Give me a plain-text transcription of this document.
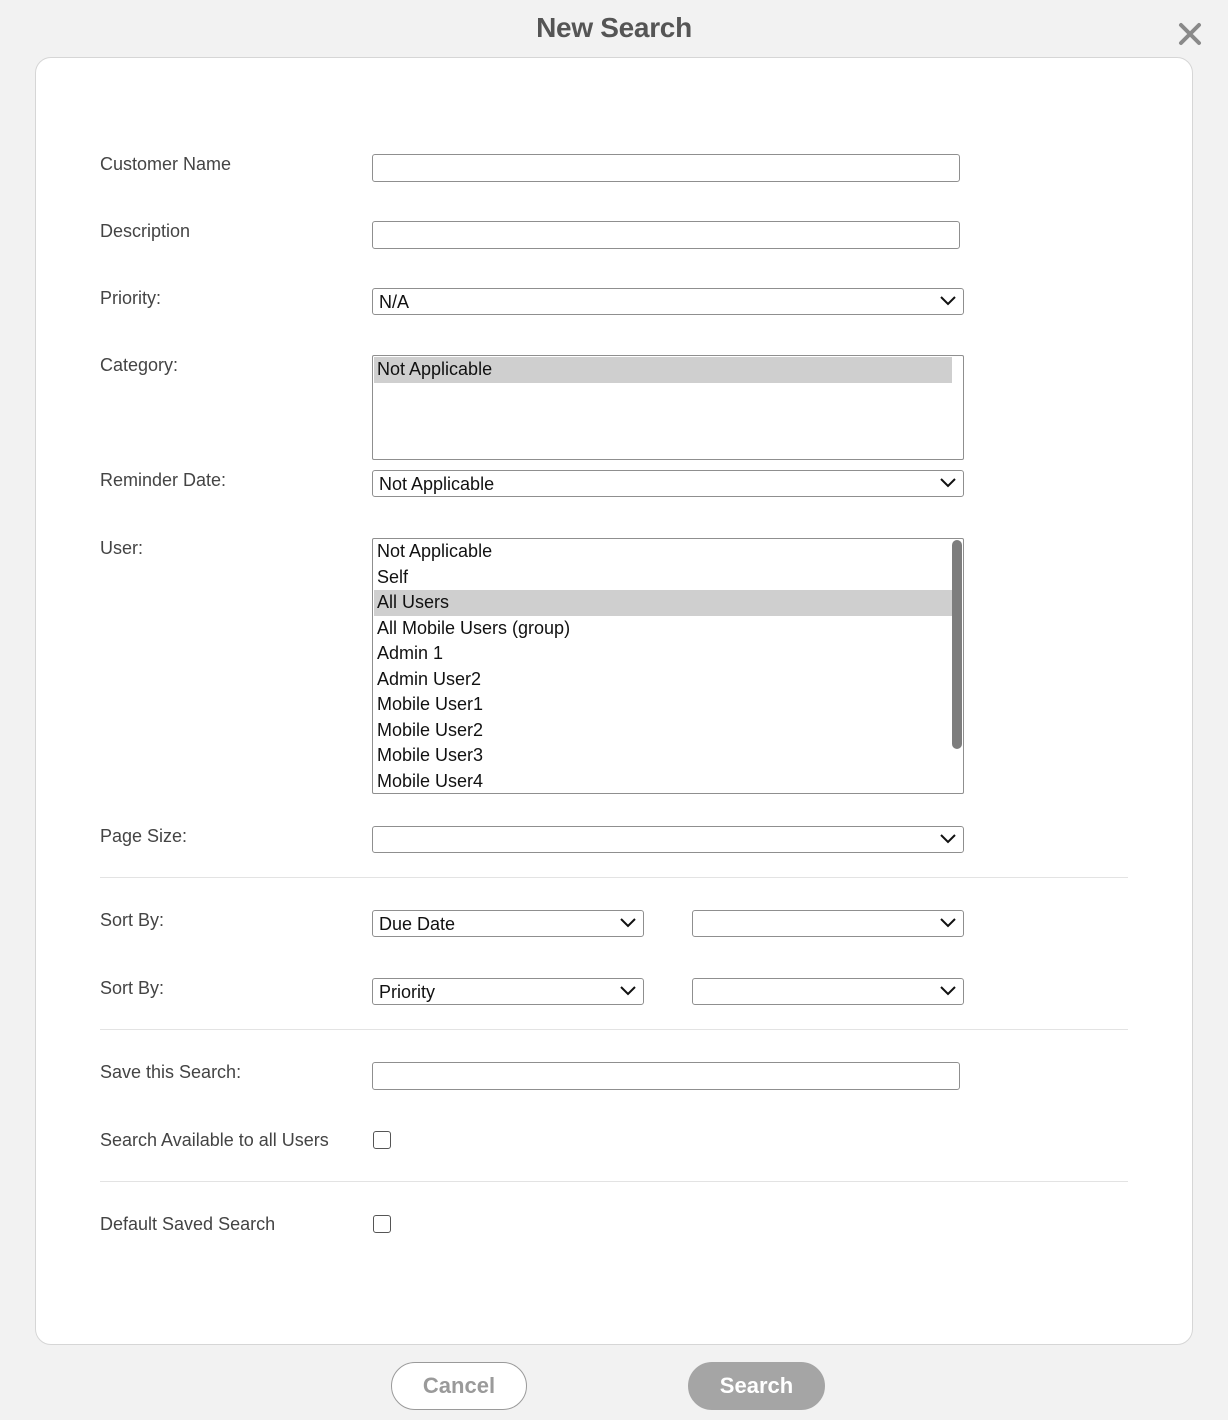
New Search
Customer Name
Description
Priority:	N/A
Category:	Not Applicable
Reminder Date:	Not Applicable
User:	Not Applicable
Self
All Users
All Mobile Users (group)
Admin 1
Admin User2
Mobile User1
Mobile User2
Mobile User3
Mobile User4
Page Size:
Sort By:	Due Date
Sort By:	Priority
Save this Search:
Search Available to all Users
Default Saved Search
Cancel	Search
